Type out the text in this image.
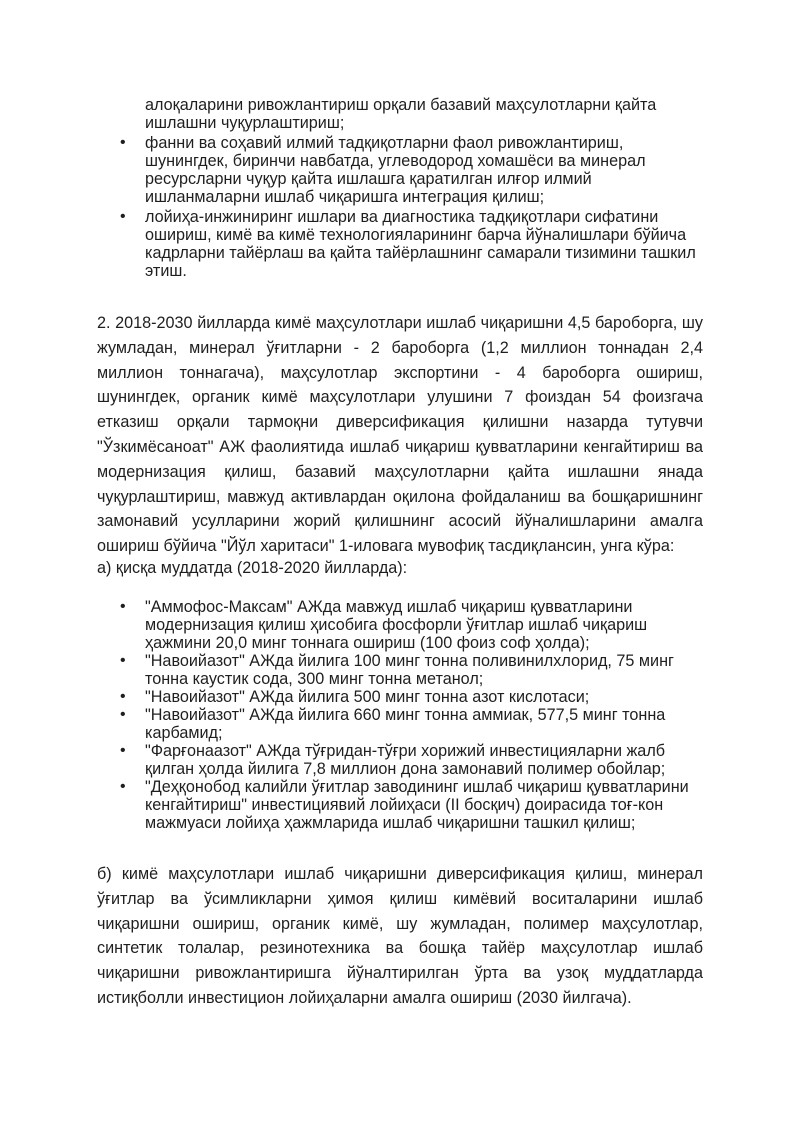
алоқаларини ривожлантириш орқали базавий маҳсулотларни қайта ишлашни чуқурлаштириш;

•	фанни ва соҳавий илмий тадқиқотларни фаол ривожлантириш, шунингдек, биринчи навбатда, углеводород хомашёси ва минерал ресурсларни чуқур қайта ишлашга қаратилган илғор илмий ишланмаларни ишлаб чиқаришга интеграция қилиш;
•	лойиҳа-инжиниринг ишлари ва диагностика тадқиқотлари сифатини ошириш, кимё ва кимё технологияларининг барча йўналишлари бўйича кадрларни тайёрлаш ва қайта тайёрлашнинг самарали тизимини ташкил этиш.

2. 2018-2030 йилларда кимё маҳсулотлари ишлаб чиқаришни 4,5 бароборга, шу жумладан, минерал ўғитларни - 2 бароборга (1,2 миллион тоннадан 2,4 миллион тоннагача), маҳсулотлар экспортини - 4 бароборга ошириш, шунингдек, органик кимё маҳсулотлари улушини 7 фоиздан 54 фоизгача етказиш орқали тармоқни диверсификация қилишни назарда тутувчи "Ўзкимёсаноат" АЖ фаолиятида ишлаб чиқариш қувватларини кенгайтириш ва модернизация қилиш, базавий маҳсулотларни қайта ишлашни янада чуқурлаштириш, мавжуд активлардан оқилона фойдаланиш ва бошқаришнинг замонавий усулларини жорий қилишнинг асосий йўналишларини амалга ошириш бўйича "Йўл харитаси" 1-иловага мувофиқ тасдиқлансин, унга кўра:

а) қисқа муддатда (2018-2020 йилларда):

•	"Аммофос-Максам" АЖда мавжуд ишлаб чиқариш қувватларини модернизация қилиш ҳисобига фосфорли ўғитлар ишлаб чиқариш ҳажмини 20,0 минг тоннага ошириш (100 фоиз соф ҳолда);
•	"Навоийазот" АЖда йилига 100 минг тонна поливинилхлорид, 75 минг тонна каустик сода, 300 минг тонна метанол;
•	"Навоийазот" АЖда йилига 500 минг тонна азот кислотаси;
•	"Навоийазот" АЖда йилига 660 минг тонна аммиак, 577,5 минг тонна карбамид;
•	"Фарғонаазот" АЖда тўғридан-тўғри хорижий инвестицияларни жалб қилган ҳолда йилига 7,8 миллион дона замонавий полимер обойлар;
•	"Деҳқонобод калийли ўғитлар заводининг ишлаб чиқариш қувватларини кенгайтириш" инвестициявий лойиҳаси (II босқич) доирасида тоғ-кон мажмуаси лойиҳа ҳажмларида ишлаб чиқаришни ташкил қилиш;

б) кимё маҳсулотлари ишлаб чиқаришни диверсификация қилиш, минерал ўғитлар ва ўсимликларни ҳимоя қилиш кимёвий воситаларини ишлаб чиқаришни ошириш, органик кимё, шу жумладан, полимер маҳсулотлар, синтетик толалар, резинотехника ва бошқа тайёр маҳсулотлар ишлаб чиқаришни ривожлантиришга йўналтирилган ўрта ва узоқ муддатларда истиқболли инвестицион лойиҳаларни амалга ошириш (2030 йилгача).
